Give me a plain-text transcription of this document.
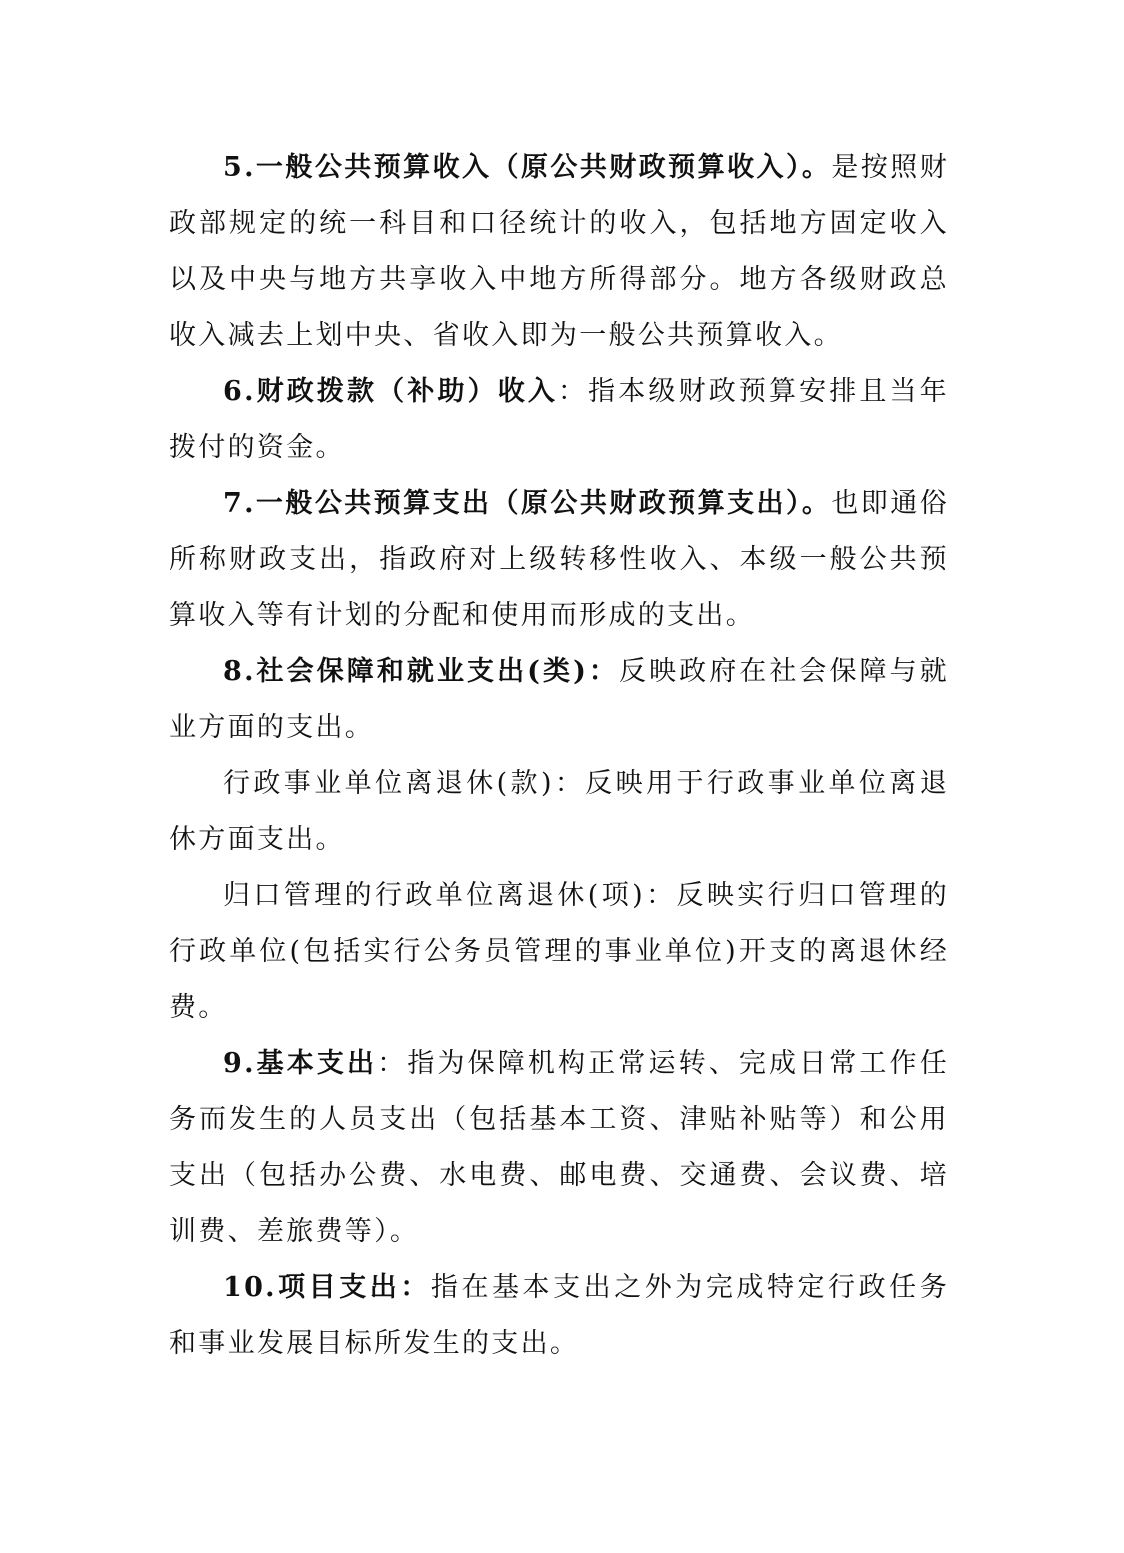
5.一般公共预算收入（原公共财政预算收入）。是按照财政部规定的统一科目和口径统计的收入，包括地方固定收入以及中央与地方共享收入中地方所得部分。地方各级财政总收入减去上划中央、省收入即为一般公共预算收入。

6.财政拨款（补助）收入：指本级财政预算安排且当年拨付的资金。

7.一般公共预算支出（原公共财政预算支出）。也即通俗所称财政支出，指政府对上级转移性收入、本级一般公共预算收入等有计划的分配和使用而形成的支出。

8.社会保障和就业支出(类)：反映政府在社会保障与就业方面的支出。

行政事业单位离退休(款)：反映用于行政事业单位离退休方面支出。

归口管理的行政单位离退休(项)：反映实行归口管理的行政单位(包括实行公务员管理的事业单位)开支的离退休经费。

9.基本支出：指为保障机构正常运转、完成日常工作任务而发生的人员支出（包括基本工资、津贴补贴等）和公用支出（包括办公费、水电费、邮电费、交通费、会议费、培训费、差旅费等）。

10.项目支出：指在基本支出之外为完成特定行政任务和事业发展目标所发生的支出。
